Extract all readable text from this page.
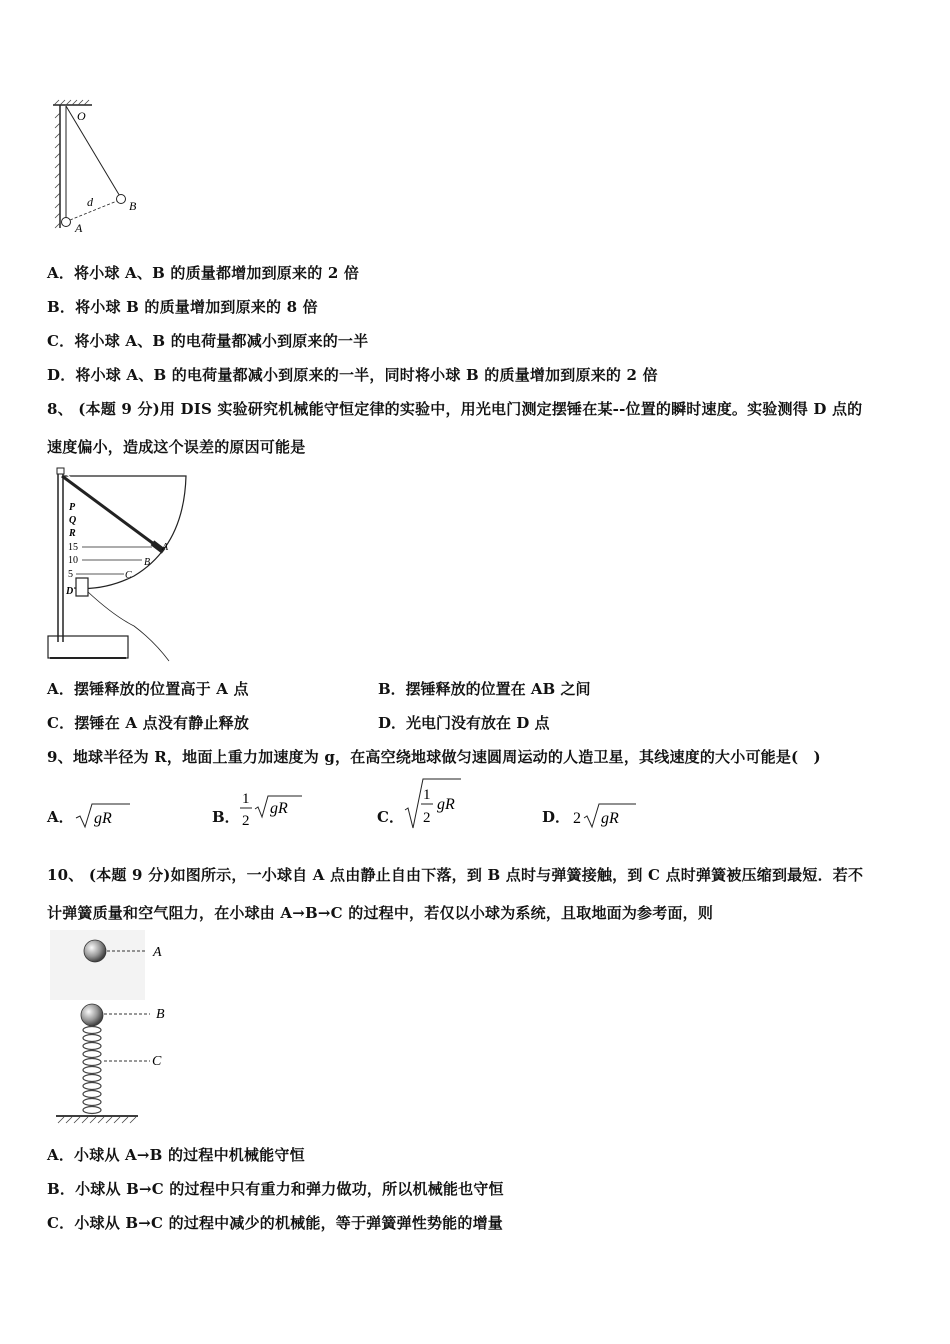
O
B
A
d
A．将小球 A、B 的质量都增加到原来的 2 倍
B．将小球 B 的质量增加到原来的 8 倍
C．将小球 A、B 的电荷量都减小到原来的一半
D．将小球 A、B 的电荷量都减小到原来的一半，同时将小球 B 的质量增加到原来的 2 倍
8、 (本题 9 分)用 DIS 实验研究机械能守恒定律的实验中，用光电门测定摆锤在某--位置的瞬时速度。实验测得 D 点的
速度偏小，造成这个误差的原因可能是
P
Q
R
15
10
5
D
A
B
C
A．摆锤释放的位置高于 A 点	B．摆锤释放的位置在 AB 之间
C．摆锤在 A 点没有静止释放	D．光电门没有放在 D 点
9、地球半径为 R，地面上重力加速度为 g，在高空绕地球做匀速圆周运动的人造卫星，其线速度的大小可能是(　)
A． gR	B．
1
2
gR	C．
1
2
gR
D． 2 gR
10、 (本题 9 分)如图所示，一小球自 A 点由静止自由下落，到 B 点时与弹簧接触，到 C 点时弹簧被压缩到最短．若不
计弹簧质量和空气阻力，在小球由 A→B→C 的过程中，若仅以小球为系统，且取地面为参考面，则
A
B
C
A．小球从 A→B 的过程中机械能守恒
B．小球从 B→C 的过程中只有重力和弹力做功，所以机械能也守恒
C．小球从 B→C 的过程中减少的机械能，等于弹簧弹性势能的增量
